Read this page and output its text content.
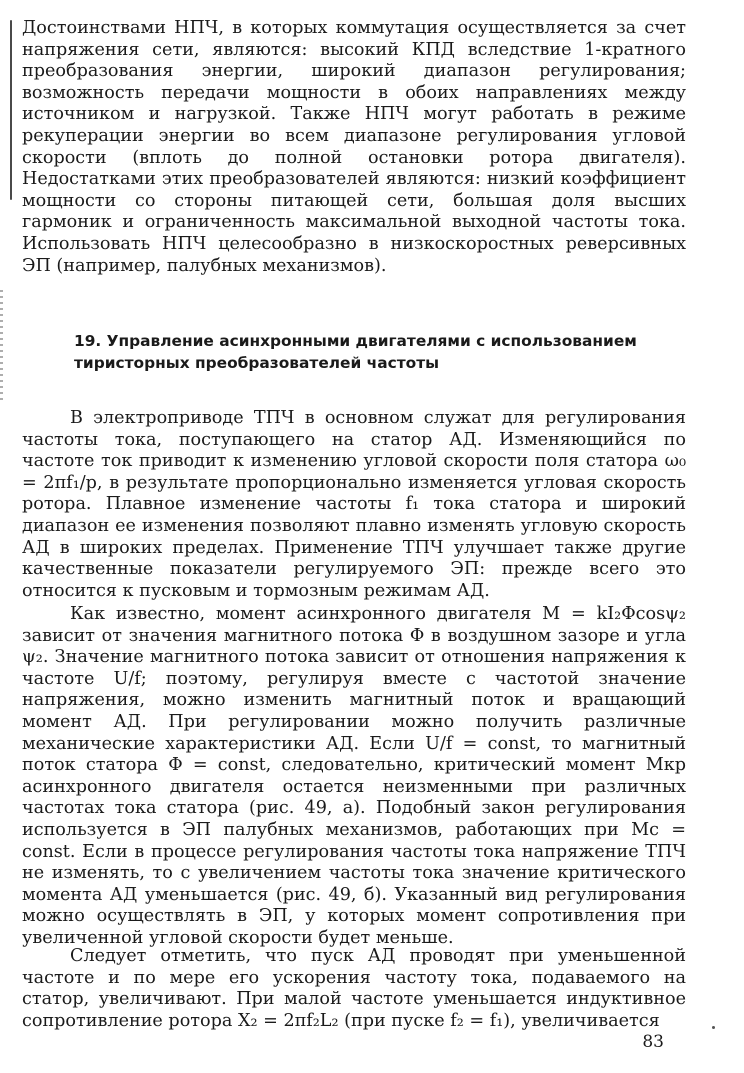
Достоинствами НПЧ, в которых коммутация осуществляется за счет напряжения сети, являются: высокий КПД вследствие 1-кратного преобразования энергии, широкий диапазон регулирования; возможность передачи мощности в обоих направлениях между источником и нагрузкой. Также НПЧ могут работать в режиме рекуперации энергии во всем диапазоне регулирования угловой скорости (вплоть до полной остановки ротора двигателя). Недостатками этих преобразователей являются: низкий коэффициент мощности со стороны питающей сети, большая доля высших гармоник и ограниченность максимальной выходной частоты тока. Использовать НПЧ целесообразно в низкоскоростных реверсивных ЭП (например, палубных механизмов).

19. Управление асинхронными двигателями с использованием тиристорных преобразователей частоты

В электроприводе ТПЧ в основном служат для регулирования частоты тока, поступающего на статор АД. Изменяющийся по частоте ток приводит к изменению угловой скорости поля статора ω₀ = 2πf₁/p, в результате пропорционально изменяется угловая скорость ротора. Плавное изменение частоты f₁ тока статора и широкий диапазон ее изменения позволяют плавно изменять угловую скорость АД в широких пределах. Применение ТПЧ улучшает также другие качественные показатели регулируемого ЭП: прежде всего это относится к пусковым и тормозным режимам АД.

Как известно, момент асинхронного двигателя M = kI₂Φcosψ₂ зависит от значения магнитного потока Φ в воздушном зазоре и угла ψ₂. Значение магнитного потока зависит от отношения напряжения к частоте U/f; поэтому, регулируя вместе с частотой значение напряжения, можно изменить магнитный поток и вращающий момент АД. При регулировании можно получить различные механические характеристики АД. Если U/f = const, то магнитный поток статора Φ = const, следовательно, критический момент Mкр асинхронного двигателя остается неизменными при различных частотах тока статора (рис. 49, а). Подобный закон регулирования используется в ЭП палубных механизмов, работающих при Mс = const. Если в процессе регулирования частоты тока напряжение ТПЧ не изменять, то с увеличением частоты тока значение критического момента АД уменьшается (рис. 49, б). Указанный вид регулирования можно осуществлять в ЭП, у которых момент сопротивления при увеличенной угловой скорости будет меньше.

Следует отметить, что пуск АД проводят при уменьшенной частоте и по мере его ускорения частоту тока, подаваемого на статор, увеличивают. При малой частоте уменьшается индуктивное сопротивление ротора X₂ = 2πf₂L₂ (при пуске f₂ = f₁), увеличивается

83
